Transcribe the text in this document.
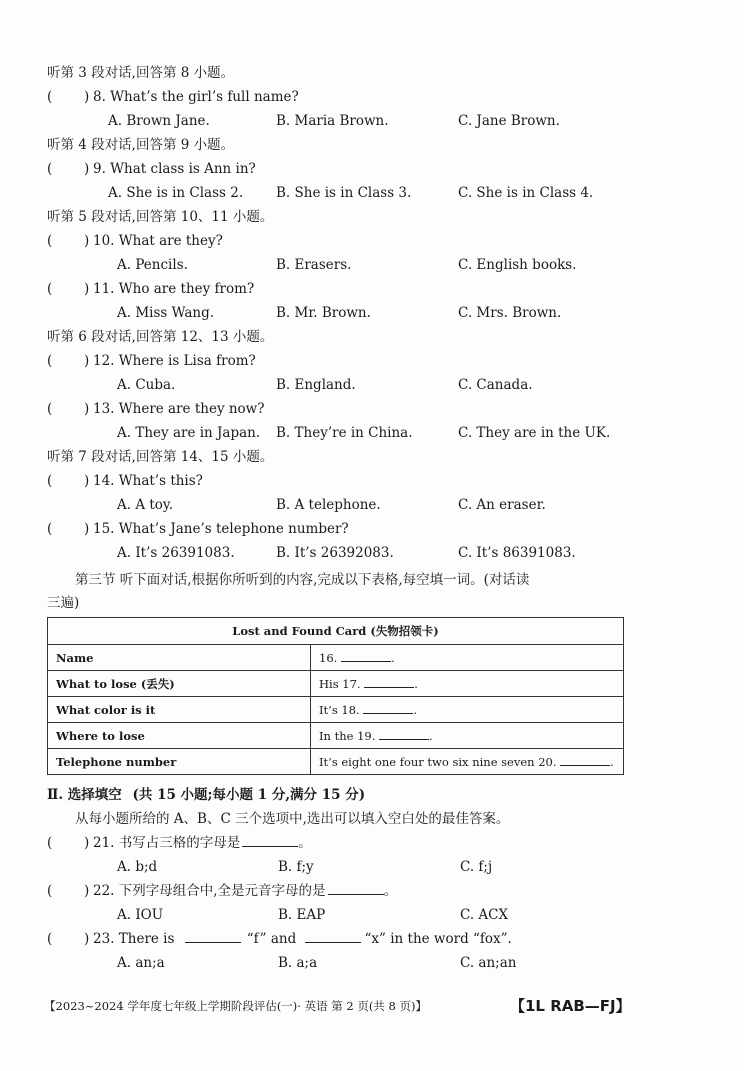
听第 3 段对话,回答第 8 小题。
( ) 8. What’s the girl’s full name?
A. Brown Jane.	B. Maria Brown.	C. Jane Brown.
听第 4 段对话,回答第 9 小题。
( ) 9. What class is Ann in?
A. She is in Class 2. B. She is in Class 3.	C. She is in Class 4.
听第 5 段对话,回答第 10、11 小题。
( ) 10. What are they?
A. Pencils.	B. Erasers.	C. English books.
( ) 11. Who are they from?
A. Miss Wang.	B. Mr. Brown.	C. Mrs. Brown.
听第 6 段对话,回答第 12、13 小题。
( ) 12. Where is Lisa from?
A. Cuba.	B. England.	C. Canada.
( ) 13. Where are they now?
A. They are in Japan. B. They’re in China.	C. They are in the UK.
听第 7 段对话,回答第 14、15 小题。
( ) 14. What’s this?
A. A toy.	B. A telephone.	C. An eraser.
( ) 15. What’s Jane’s telephone number?
A. It’s 26391083.	B. It’s 26392083.	C. It’s 86391083.
第三节 听下面对话,根据你所听到的内容,完成以下表格,每空填一词。(对话读
三遍)
Lost and Found Card (失物招领卡)	
Name	16. .
What to lose (丢失)	His 17. .
What color is it	It’s 18. .
Where to lose	In the 19. .
Telephone number	It’s eight one four two six nine seven 20. .
Ⅱ. 选择填空 (共 15 小题;每小题 1 分,满分 15 分)
从每小题所给的 A、B、C 三个选项中,选出可以填入空白处的最佳答案。
( ) 21. 书写占三格的字母是	。
A. b;d	B. f;y	C. f;j
( ) 22. 下列字母组合中,全是元音字母的是	。
A. IOU	B. EAP	C. ACX
( ) 23. There is	“f” and	“x” in the word “fox”.
A. an;a	B. a;a	C. an;an
【2023~2024 学年度七年级上学期阶段评估(一)· 英语 第 2 页(共 8 页)】	【1L RAB—FJ】
